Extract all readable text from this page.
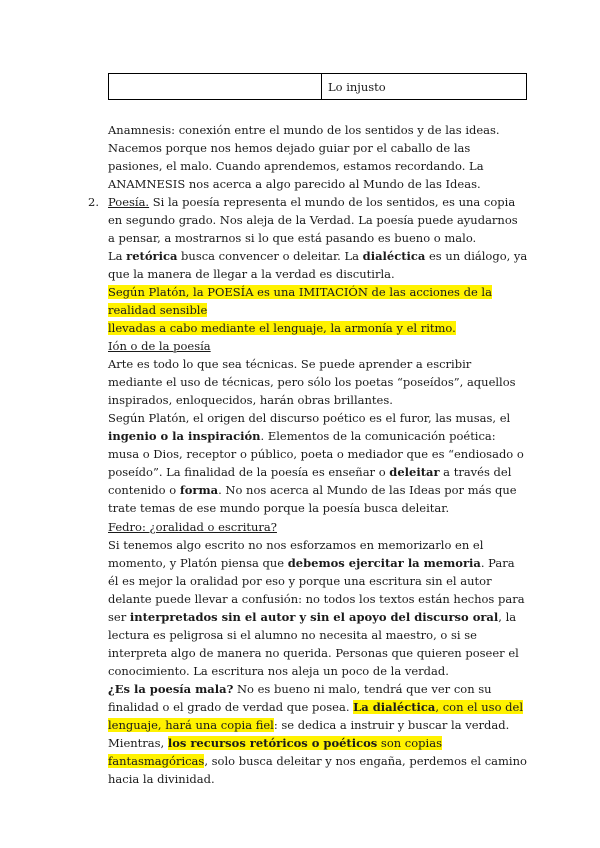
	Lo injusto

Anamnesis: conexión entre el mundo de los sentidos y de las ideas. Nacemos porque nos hemos dejado guiar por el caballo de las pasiones, el malo. Cuando aprendemos, estamos recordando. La ANAMNESIS nos acerca a algo parecido al Mundo de las Ideas.

2. Poesía. Si la poesía representa el mundo de los sentidos, es una copia en segundo grado. Nos aleja de la Verdad. La poesía puede ayudarnos a pensar, a mostrarnos si lo que está pasando es bueno o malo.

La retórica busca convencer o deleitar. La dialéctica es un diálogo, ya que la manera de llegar a la verdad es discutirla.

Según Platón, la POESÍA es una IMITACIÓN de las acciones de la realidad sensible
llevadas a cabo mediante el lenguaje, la armonía y el ritmo.

Ión o de la poesía

Arte es todo lo que sea técnicas. Se puede aprender a escribir mediante el uso de técnicas, pero sólo los poetas “poseídos”, aquellos inspirados, enloquecidos, harán obras brillantes.

Según Platón, el origen del discurso poético es el furor, las musas, el ingenio o la inspiración. Elementos de la comunicación poética: musa o Dios, receptor o público, poeta o mediador que es “endiosado o poseído”. La finalidad de la poesía es enseñar o deleitar a través del contenido o forma. No nos acerca al Mundo de las Ideas por más que trate temas de ese mundo porque la poesía busca deleitar.

Fedro: ¿oralidad o escritura?

Si tenemos algo escrito no nos esforzamos en memorizarlo en el momento, y Platón piensa que debemos ejercitar la memoria. Para él es mejor la oralidad por eso y porque una escritura sin el autor delante puede llevar a confusión: no todos los textos están hechos para ser interpretados sin el autor y sin el apoyo del discurso oral, la lectura es peligrosa si el alumno no necesita al maestro, o si se interpreta algo de manera no querida. Personas que quieren poseer el conocimiento. La escritura nos aleja un poco de la verdad.

¿Es la poesía mala? No es bueno ni malo, tendrá que ver con su finalidad o el grado de verdad que posea. La dialéctica, con el uso del lenguaje, hará una copia fiel: se dedica a instruir y buscar la verdad. Mientras, los recursos retóricos o poéticos son copias fantasmagóricas, solo busca deleitar y nos engaña, perdemos el camino hacia la divinidad.
